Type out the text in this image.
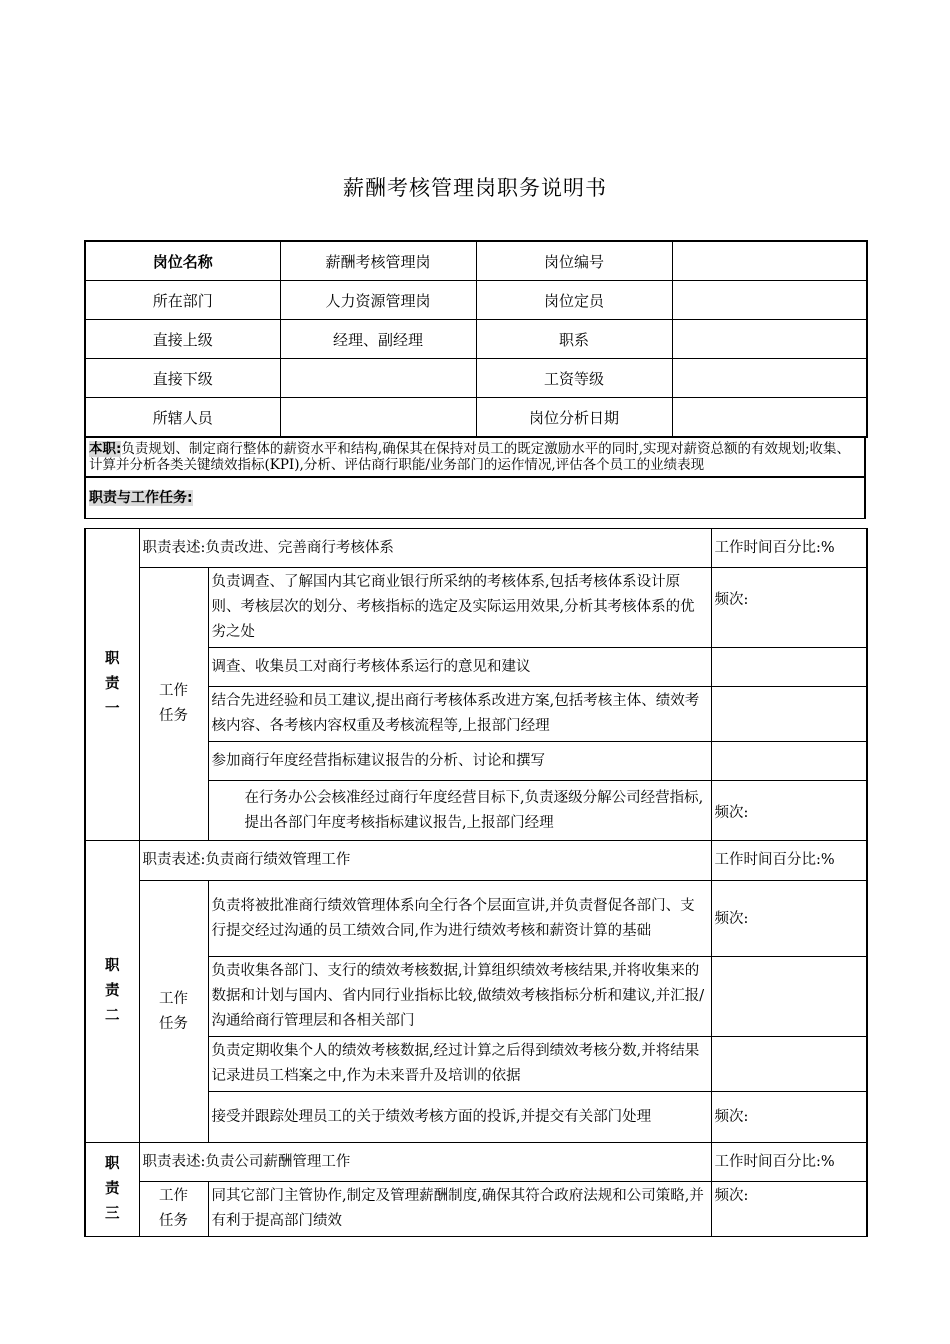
薪酬考核管理岗职务说明书
岗位名称	薪酬考核管理岗	岗位编号	
所在部门	人力资源管理岗	岗位定员	
直接上级	经理、副经理	职系	
直接下级		工资等级	
所辖人员		岗位分析日期	
本职:负责规划、制定商行整体的薪资水平和结构,确保其在保持对员工的既定激励水平的同时,实现对薪资总额的有效规划;收集、计算并分析各类关键绩效指标(KPI),分析、评估商行职能/业务部门的运作情况,评估各个员工的业绩表现
职责与工作任务:
职责一	职责表述:负责改进、完善商行考核体系		工作时间百分比:%
	工作任务	负责调查、了解国内其它商业银行所采纳的考核体系,包括考核体系设计原则、考核层次的划分、考核指标的选定及实际运用效果,分析其考核体系的优劣之处	频次:
		调查、收集员工对商行考核体系运行的意见和建议	
		结合先进经验和员工建议,提出商行考核体系改进方案,包括考核主体、绩效考核内容、各考核内容权重及考核流程等,上报部门经理	
		参加商行年度经营指标建议报告的分析、讨论和撰写	
		在行务办公会核准经过商行年度经营目标下,负责逐级分解公司经营指标,提出各部门年度考核指标建议报告,上报部门经理	频次:
职责二	职责表述:负责商行绩效管理工作		工作时间百分比:%
	工作任务	负责将被批准商行绩效管理体系向全行各个层面宣讲,并负责督促各部门、支行提交经过沟通的员工绩效合同,作为进行绩效考核和薪资计算的基础	频次:
		负责收集各部门、支行的绩效考核数据,计算组织绩效考核结果,并将收集来的数据和计划与国内、省内同行业指标比较,做绩效考核指标分析和建议,并汇报/沟通给商行管理层和各相关部门	
		负责定期收集个人的绩效考核数据,经过计算之后得到绩效考核分数,并将结果记录进员工档案之中,作为未来晋升及培训的依据	
		接受并跟踪处理员工的关于绩效考核方面的投诉,并提交有关部门处理	频次:
职责三	职责表述:负责公司薪酬管理工作		工作时间百分比:%
	工作任务	同其它部门主管协作,制定及管理薪酬制度,确保其符合政府法规和公司策略,并有利于提高部门绩效	频次:
